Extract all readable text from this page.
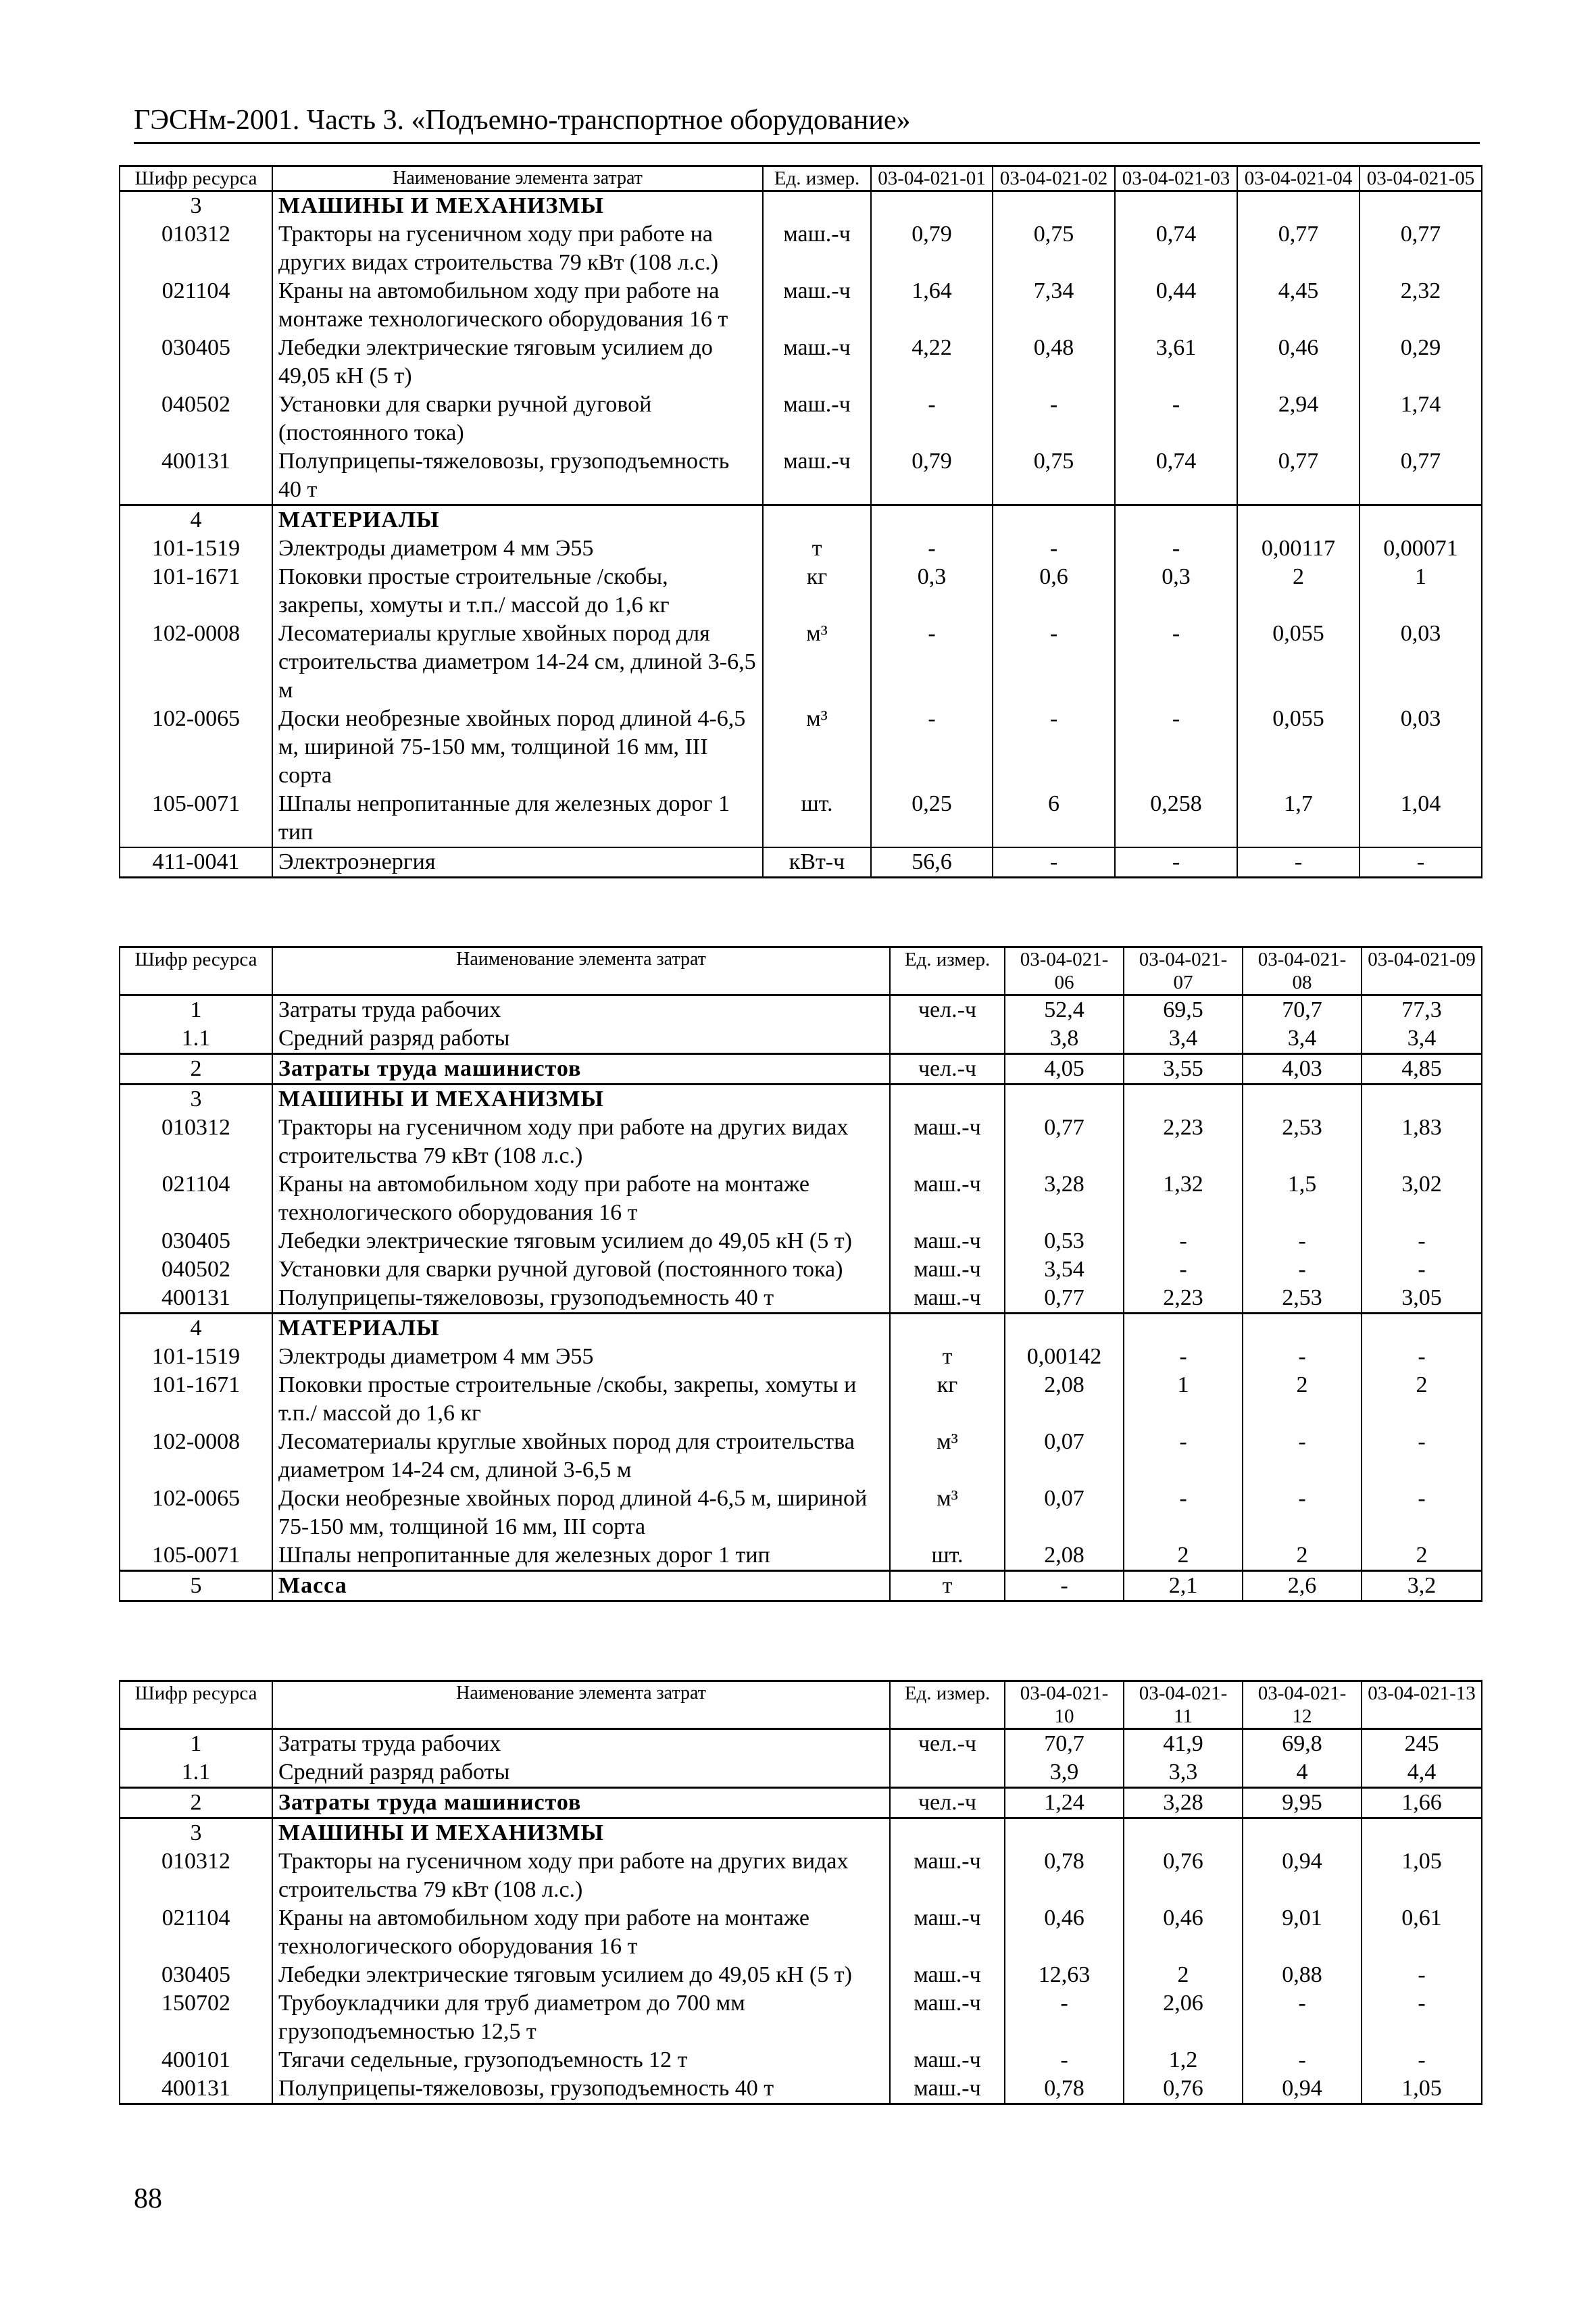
ГЭСНм-2001. Часть 3. «Подъемно-транспортное оборудование»
Шифр ресурса	Наименование элемента затрат	Ед. измер.	03-04-021-01	03-04-021-02	03-04-021-03	03-04-021-04	03-04-021-05
3	МАШИНЫ И МЕХАНИЗМЫ						
010312	Тракторы на гусеничном ходу при работе на других видах строительства 79 кВт (108 л.с.)	маш.-ч	0,79	0,75	0,74	0,77	0,77
021104	Краны на автомобильном ходу при работе на монтаже технологического оборудования 16 т	маш.-ч	1,64	7,34	0,44	4,45	2,32
030405	Лебедки электрические тяговым усилием до 49,05 кН (5 т)	маш.-ч	4,22	0,48	3,61	0,46	0,29
040502	Установки для сварки ручной дуговой (постоянного тока)	маш.-ч	-	-	-	2,94	1,74
400131	Полуприцепы-тяжеловозы, грузоподъемность 40 т	маш.-ч	0,79	0,75	0,74	0,77	0,77
4	МАТЕРИАЛЫ						
101-1519	Электроды диаметром 4 мм Э55	т	-	-	-	0,00117	0,00071
101-1671	Поковки простые строительные /скобы, закрепы, хомуты и т.п./ массой до 1,6 кг	кг	0,3	0,6	0,3	2	1
102-0008	Лесоматериалы круглые хвойных пород для строительства диаметром 14-24 см, длиной 3-6,5 м	м³	-	-	-	0,055	0,03
102-0065	Доски необрезные хвойных пород длиной 4-6,5 м, шириной 75-150 мм, толщиной 16 мм, III сорта	м³	-	-	-	0,055	0,03
105-0071	Шпалы непропитанные для железных дорог 1 тип	шт.	0,25	6	0,258	1,7	1,04
411-0041	Электроэнергия	кВт-ч	56,6	-	-	-	-
Шифр ресурса	Наименование элемента затрат	Ед. измер.	03-04-021-06	03-04-021-07	03-04-021-08	03-04-021-09
1	Затраты труда рабочих	чел.-ч	52,4	69,5	70,7	77,3
1.1	Средний разряд работы		3,8	3,4	3,4	3,4
2	Затраты труда машинистов	чел.-ч	4,05	3,55	4,03	4,85
3	МАШИНЫ И МЕХАНИЗМЫ					
010312	Тракторы на гусеничном ходу при работе на других видах строительства 79 кВт (108 л.с.)	маш.-ч	0,77	2,23	2,53	1,83
021104	Краны на автомобильном ходу при работе на монтаже технологического оборудования 16 т	маш.-ч	3,28	1,32	1,5	3,02
030405	Лебедки электрические тяговым усилием до 49,05 кН (5 т)	маш.-ч	0,53	-	-	-
040502	Установки для сварки ручной дуговой (постоянного тока)	маш.-ч	3,54	-	-	-
400131	Полуприцепы-тяжеловозы, грузоподъемность 40 т	маш.-ч	0,77	2,23	2,53	3,05
4	МАТЕРИАЛЫ					
101-1519	Электроды диаметром 4 мм Э55	т	0,00142	-	-	-
101-1671	Поковки простые строительные /скобы, закрепы, хомуты и т.п./ массой до 1,6 кг	кг	2,08	1	2	2
102-0008	Лесоматериалы круглые хвойных пород для строительства диаметром 14-24 см, длиной 3-6,5 м	м³	0,07	-	-	-
102-0065	Доски необрезные хвойных пород длиной 4-6,5 м, шириной 75-150 мм, толщиной 16 мм, III сорта	м³	0,07	-	-	-
105-0071	Шпалы непропитанные для железных дорог 1 тип	шт.	2,08	2	2	2
5	Масса	т	-	2,1	2,6	3,2
Шифр ресурса	Наименование элемента затрат	Ед. измер.	03-04-021-10	03-04-021-11	03-04-021-12	03-04-021-13
1	Затраты труда рабочих	чел.-ч	70,7	41,9	69,8	245
1.1	Средний разряд работы		3,9	3,3	4	4,4
2	Затраты труда машинистов	чел.-ч	1,24	3,28	9,95	1,66
3	МАШИНЫ И МЕХАНИЗМЫ					
010312	Тракторы на гусеничном ходу при работе на других видах строительства 79 кВт (108 л.с.)	маш.-ч	0,78	0,76	0,94	1,05
021104	Краны на автомобильном ходу при работе на монтаже технологического оборудования 16 т	маш.-ч	0,46	0,46	9,01	0,61
030405	Лебедки электрические тяговым усилием до 49,05 кН (5 т)	маш.-ч	12,63	2	0,88	-
150702	Трубоукладчики для труб диаметром до 700 мм грузоподъемностью 12,5 т	маш.-ч	-	2,06	-	-
400101	Тягачи седельные, грузоподъемность 12 т	маш.-ч	-	1,2	-	-
400131	Полуприцепы-тяжеловозы, грузоподъемность 40 т	маш.-ч	0,78	0,76	0,94	1,05
88
